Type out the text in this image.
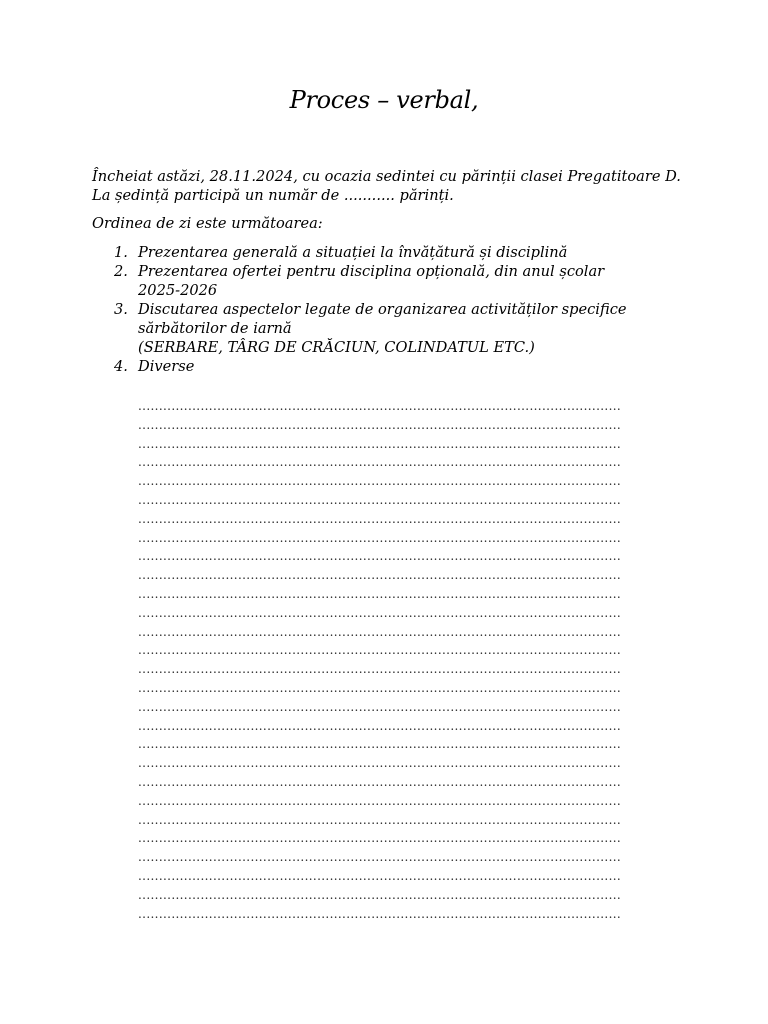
Proces – verbal,

Încheiat astăzi, 28.11.2024, cu ocazia sedintei cu părinții clasei Pregatitoare D. La ședință participă un număr de ........... părinți.

Ordinea de zi este următoarea:

1. Prezentarea generală a situației la învățătură și disciplină
2. Prezentarea ofertei pentru disciplina opțională, din anul școlar
2025-2026
3. Discutarea aspectelor legate de organizarea activităților specifice
sărbătorilor de iarnă
(SERBARE, TÂRG DE CRĂCIUN, COLINDATUL ETC.)
4. Diverse
....................................................................................................................
....................................................................................................................
....................................................................................................................
....................................................................................................................
....................................................................................................................
....................................................................................................................
....................................................................................................................
....................................................................................................................
....................................................................................................................
....................................................................................................................
....................................................................................................................
....................................................................................................................
....................................................................................................................
....................................................................................................................
....................................................................................................................
....................................................................................................................
....................................................................................................................
....................................................................................................................
....................................................................................................................
....................................................................................................................
....................................................................................................................
....................................................................................................................
....................................................................................................................
....................................................................................................................
....................................................................................................................
....................................................................................................................
....................................................................................................................
....................................................................................................................
